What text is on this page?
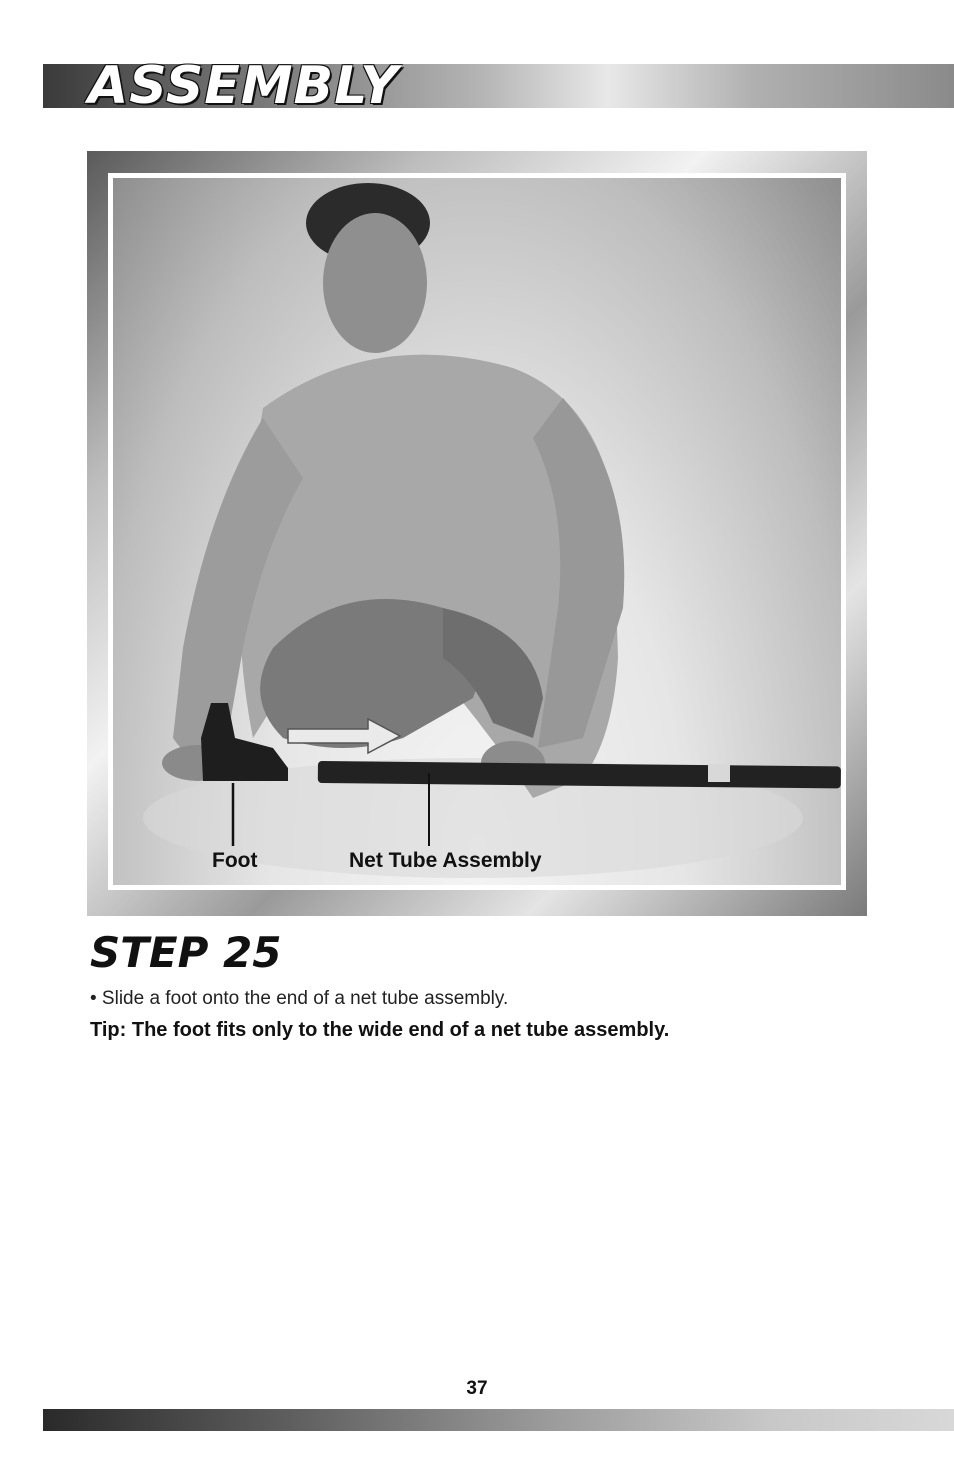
ASSEMBLY
Foot	Net Tube Assembly
STEP 25
• Slide a foot onto the end of a net tube assembly.
Tip: The foot fits only to the wide end of a net tube assembly.
37
